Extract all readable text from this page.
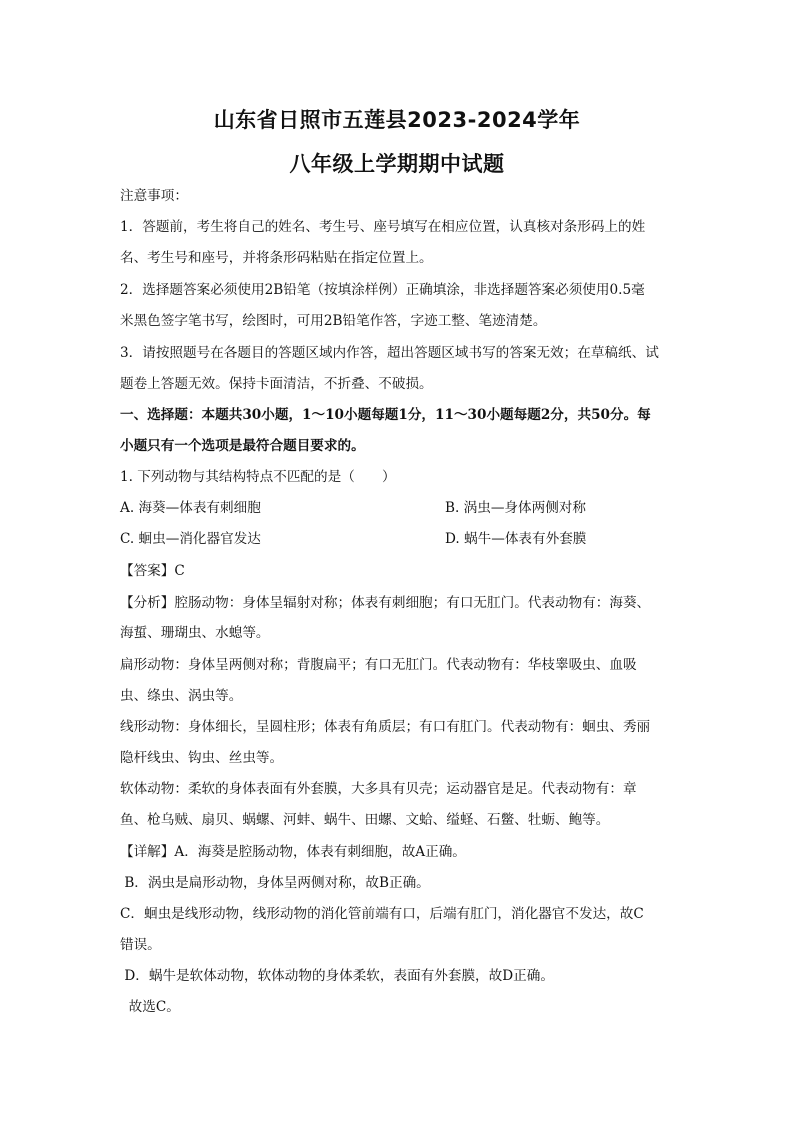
山东省日照市五莲县2023-2024学年
八年级上学期期中试题
注意事项：
1．答题前，考生将自己的姓名、考生号、座号填写在相应位置，认真核对条形码上的姓
名、考生号和座号，并将条形码粘贴在指定位置上。
2．选择题答案必须使用2B铅笔（按填涂样例）正确填涂，非选择题答案必须使用0.5毫
米黑色签字笔书写，绘图时，可用2B铅笔作答，字迹工整、笔迹清楚。
3．请按照题号在各题目的答题区域内作答，超出答题区域书写的答案无效；在草稿纸、试
题卷上答题无效。保持卡面清洁，不折叠、不破损。
一、选择题：本题共30小题，1～10小题每题1分，11～30小题每题2分，共50分。每
小题只有一个选项是最符合题目要求的。
1. 下列动物与其结构特点不匹配的是（　　）
A. 海葵—体表有刺细胞	B. 涡虫—身体两侧对称
C. 蛔虫—消化器官发达	D. 蜗牛—体表有外套膜
【答案】C
【分析】腔肠动物：身体呈辐射对称；体表有刺细胞；有口无肛门。代表动物有：海葵、
海蜇、珊瑚虫、水螅等。
扁形动物：身体呈两侧对称；背腹扁平；有口无肛门。代表动物有：华枝睾吸虫、血吸
虫、绦虫、涡虫等。
线形动物：身体细长，呈圆柱形；体表有角质层；有口有肛门。代表动物有：蛔虫、秀丽
隐杆线虫、钩虫、丝虫等。
软体动物：柔软的身体表面有外套膜，大多具有贝壳；运动器官是足。代表动物有：章
鱼、枪乌贼、扇贝、蜗螺、河蚌、蜗牛、田螺、文蛤、缢蛏、石鳖、牡蛎、鲍等。
【详解】A．海葵是腔肠动物，体表有刺细胞，故A正确。
B．涡虫是扁形动物，身体呈两侧对称，故B正确。
C．蛔虫是线形动物，线形动物的消化管前端有口，后端有肛门，消化器官不发达，故C
错误。
D．蜗牛是软体动物，软体动物的身体柔软，表面有外套膜，故D正确。
故选C。
